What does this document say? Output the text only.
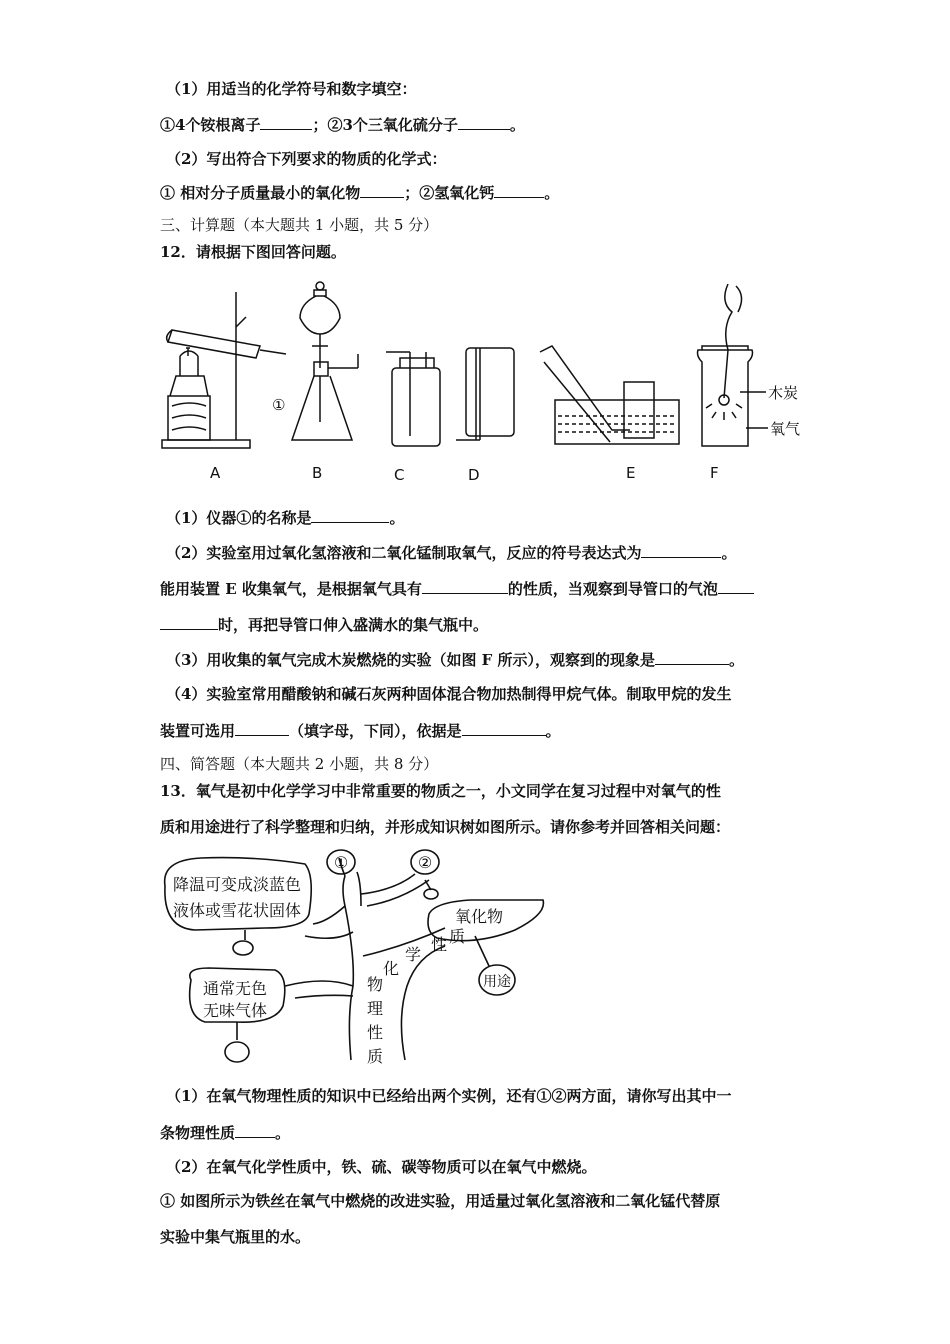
（1）用适当的化学符号和数字填空：
①4个铵根离子	；②3个三氧化硫分子	。
（2）写出符合下列要求的物质的化学式：
① 相对分子质量最小的氧化物	；②氢氧化钙	。
三、计算题（本大题共 1 小题，共 5 分）
12．请根据下图回答问题。
①
木炭
氧气
A	B	C	D	E	F
（1）仪器①的名称是	。
（2）实验室用过氧化氢溶液和二氧化锰制取氧气，反应的符号表达式为	。
能用装置 E 收集氧气，是根据氧气具有	的性质，当观察到导管口的气泡
时，再把导管口伸入盛满水的集气瓶中。
（3）用收集的氧气完成木炭燃烧的实验（如图 F 所示），观察到的现象是	。
（4）实验室常用醋酸钠和碱石灰两种固体混合物加热制得甲烷气体。制取甲烷的发生
装置可选用	（填字母，下同），依据是	。
四、简答题（本大题共 2 小题，共 8 分）
13．氧气是初中化学学习中非常重要的物质之一，小文同学在复习过程中对氧气的性
质和用途进行了科学整理和归纳，并形成知识树如图所示。请你参考并回答相关问题：
①	②
降温可变成淡蓝色
液体或雪花状固体
通常无色
无味气体
氧化物
用途
化
学
性 质
物
理
性
质
（1）在氧气物理性质的知识中已经给出两个实例，还有①②两方面，请你写出其中一
条物理性质	。
（2）在氧气化学性质中，铁、硫、碳等物质可以在氧气中燃烧。
① 如图所示为铁丝在氧气中燃烧的改进实验，用适量过氧化氢溶液和二氧化锰代替原
实验中集气瓶里的水。
